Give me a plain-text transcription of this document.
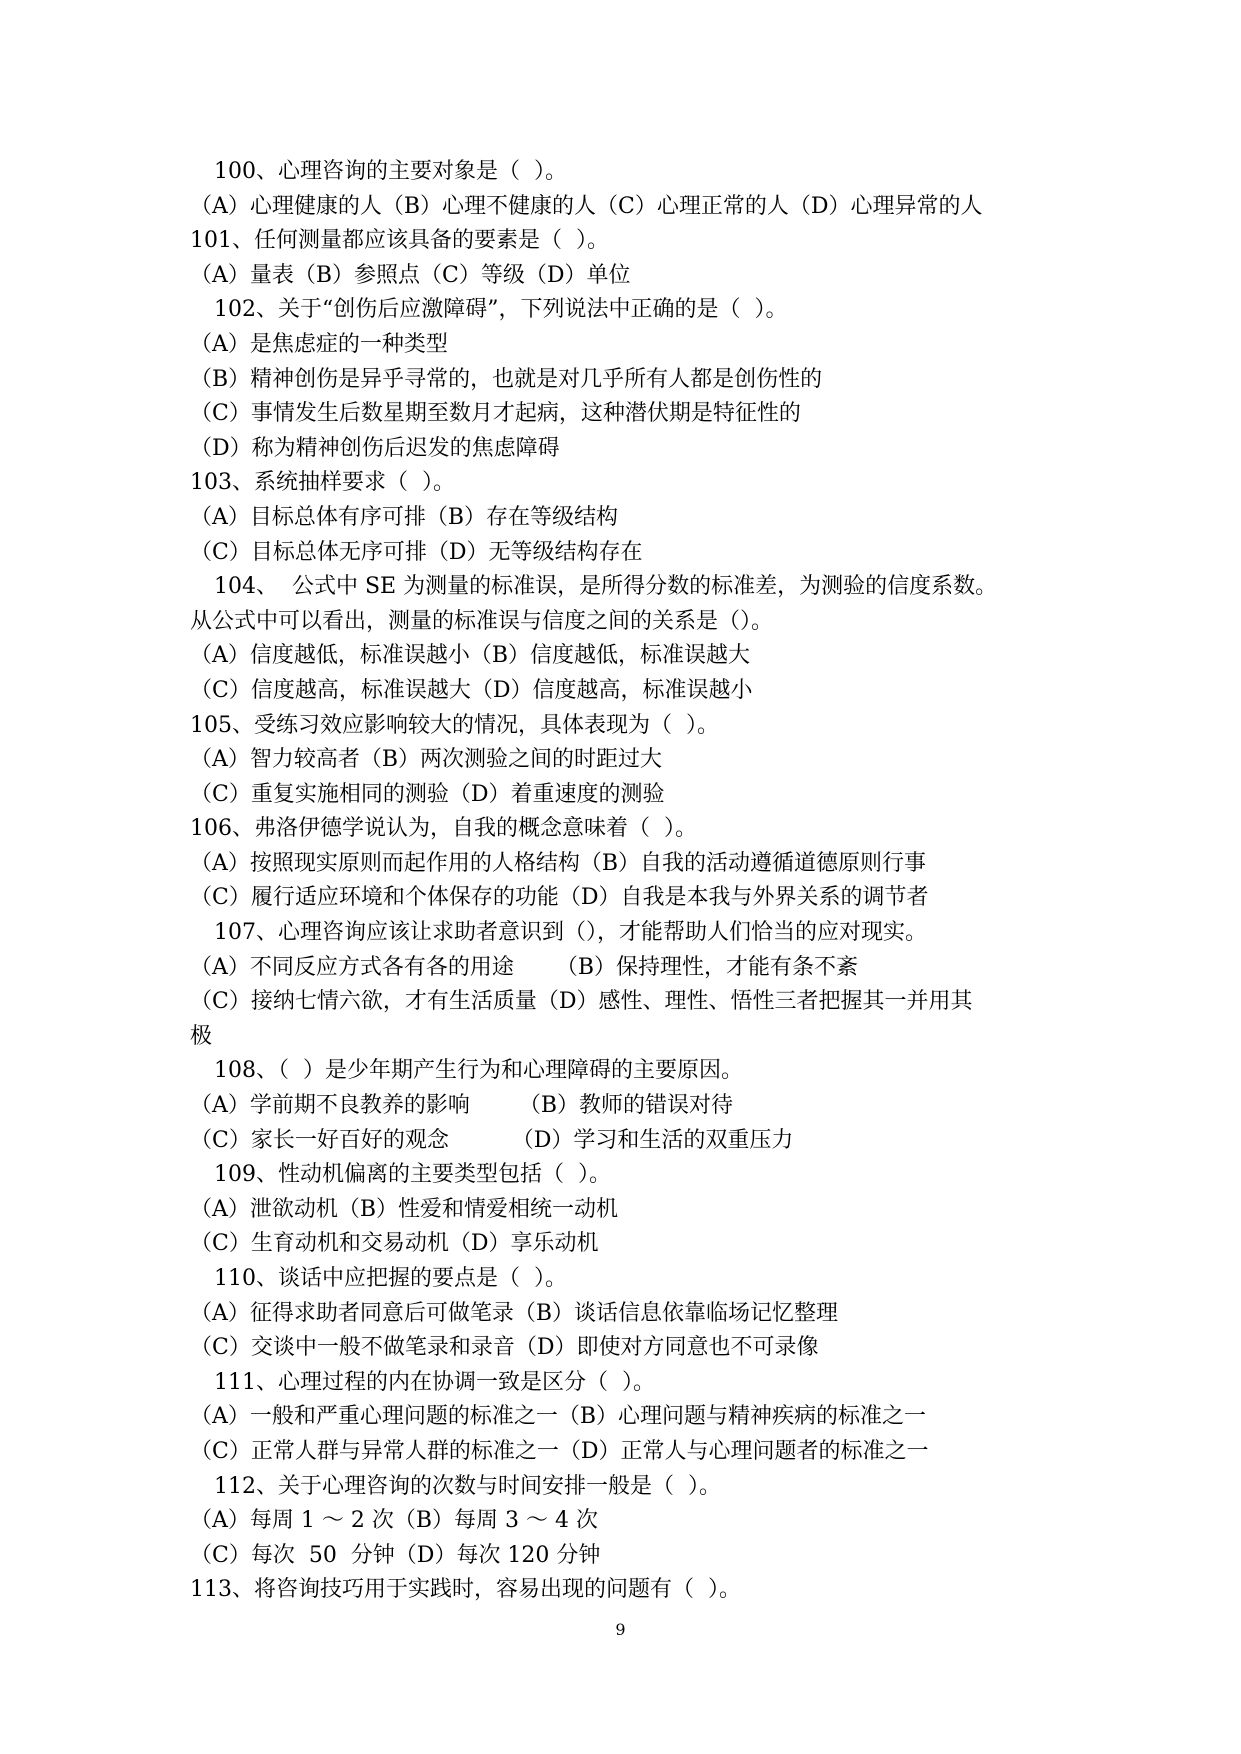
100、心理咨询的主要对象是（  ）。
（A）心理健康的人（B）心理不健康的人（C）心理正常的人（D）心理异常的人
101、任何测量都应该具备的要素是（  ）。
（A）量表（B）参照点（C）等级（D）单位
102、关于“创伤后应激障碍”，下列说法中正确的是（  ）。
（A）是焦虑症的一种类型
（B）精神创伤是异乎寻常的，也就是对几乎所有人都是创伤性的
（C）事情发生后数星期至数月才起病，这种潜伏期是特征性的
（D）称为精神创伤后迟发的焦虑障碍
103、系统抽样要求（  ）。
（A）目标总体有序可排（B）存在等级结构
（C）目标总体无序可排（D）无等级结构存在
104、  公式中 SE 为测量的标准误，是所得分数的标准差，为测验的信度系数。
从公式中可以看出，测量的标准误与信度之间的关系是（）。
（A）信度越低，标准误越小（B）信度越低，标准误越大
（C）信度越高，标准误越大（D）信度越高，标准误越小
105、受练习效应影响较大的情况，具体表现为（  ）。
（A）智力较高者（B）两次测验之间的时距过大
（C）重复实施相同的测验（D）着重速度的测验
106、弗洛伊德学说认为，自我的概念意味着（  ）。
（A）按照现实原则而起作用的人格结构（B）自我的活动遵循道德原则行事
（C）履行适应环境和个体保存的功能（D）自我是本我与外界关系的调节者
107、心理咨询应该让求助者意识到（），才能帮助人们恰当的应对现实。
（A）不同反应方式各有各的用途      （B）保持理性，才能有条不紊
（C）接纳七情六欲，才有生活质量（D）感性、理性、悟性三者把握其一并用其
极
108、（  ）是少年期产生行为和心理障碍的主要原因。
（A）学前期不良教养的影响       （B）教师的错误对待
（C）家长一好百好的观念         （D）学习和生活的双重压力
109、性动机偏离的主要类型包括（  ）。
（A）泄欲动机（B）性爱和情爱相统一动机
（C）生育动机和交易动机（D）享乐动机
110、谈话中应把握的要点是（  ）。
（A）征得求助者同意后可做笔录（B）谈话信息依靠临场记忆整理
（C）交谈中一般不做笔录和录音（D）即使对方同意也不可录像
111、心理过程的内在协调一致是区分（  ）。
（A）一般和严重心理问题的标准之一（B）心理问题与精神疾病的标准之一
（C）正常人群与异常人群的标准之一（D）正常人与心理问题者的标准之一
112、关于心理咨询的次数与时间安排一般是（  ）。
（A）每周 1 ～ 2 次（B）每周 3 ～ 4 次
（C）每次  50  分钟（D）每次 120 分钟
113、将咨询技巧用于实践时，容易出现的问题有（  ）。
9
